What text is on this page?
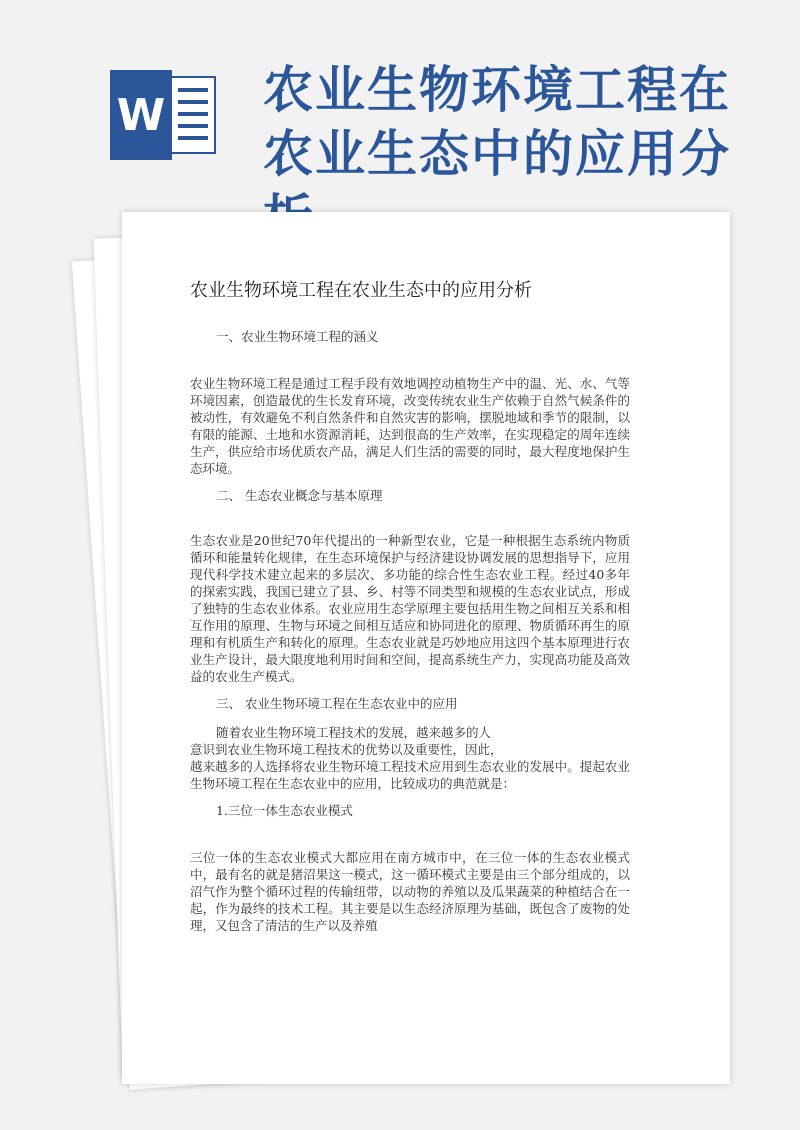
W 农业生物环境工程在农业生态中的应用分
农业生物环境工程在农业生态中的应用分析
一、农业生物环境工程的涵义
农业生物环境工程是通过工程手段有效地调控动植物生产中的温、光、水、气等环境因素，创造最优的生长发育环境，改变传统农业生产依赖于自然气候条件的被动性，有效避免不利自然条件和自然灾害的影响，摆脱地域和季节的限制，以有限的能源、土地和水资源消耗，达到很高的生产效率，在实现稳定的周年连续生产，供应给市场优质农产品，满足人们生活的需要的同时，最大程度地保护生态环境。
二、 生态农业概念与基本原理
生态农业是20世纪70年代提出的一种新型农业，它是一种根据生态系统内物质循环和能量转化规律，在生态环境保护与经济建设协调发展的思想指导下，应用现代科学技术建立起来的多层次、多功能的综合性生态农业工程。经过40多年的探索实践，我国已建立了县、乡、村等不同类型和规模的生态农业试点，形成了独特的生态农业体系。农业应用生态学原理主要包括用生物之间相互关系和相互作用的原理、生物与环境之间相互适应和协同进化的原理、物质循环再生的原理和有机质生产和转化的原理。生态农业就是巧妙地应用这四个基本原理进行农业生产设计，最大限度地利用时间和空间，提高系统生产力，实现高功能及高效益的农业生产模式。
三、 农业生物环境工程在生态农业中的应用
随着农业生物环境工程技术的发展，越来越多的人
意识到农业生物环境工程技术的优势以及重要性，因此，
越来越多的人选择将农业生物环境工程技术应用到生态农业的发展中。提起农业生物环境工程在生态农业中的应用，比较成功的典范就是：
1.三位一体生态农业模式
三位一体的生态农业模式大都应用在南方城市中，在三位一体的生态农业模式中，最有名的就是猪沼果这一模式，这一循环模式主要是由三个部分组成的，以沼气作为整个循环过程的传输纽带，以动物的养殖以及瓜果蔬菜的种植结合在一起，作为最终的技术工程。其主要是以生态经济原理为基础，既包含了废物的处理，又包含了清洁的生产以及养殖
